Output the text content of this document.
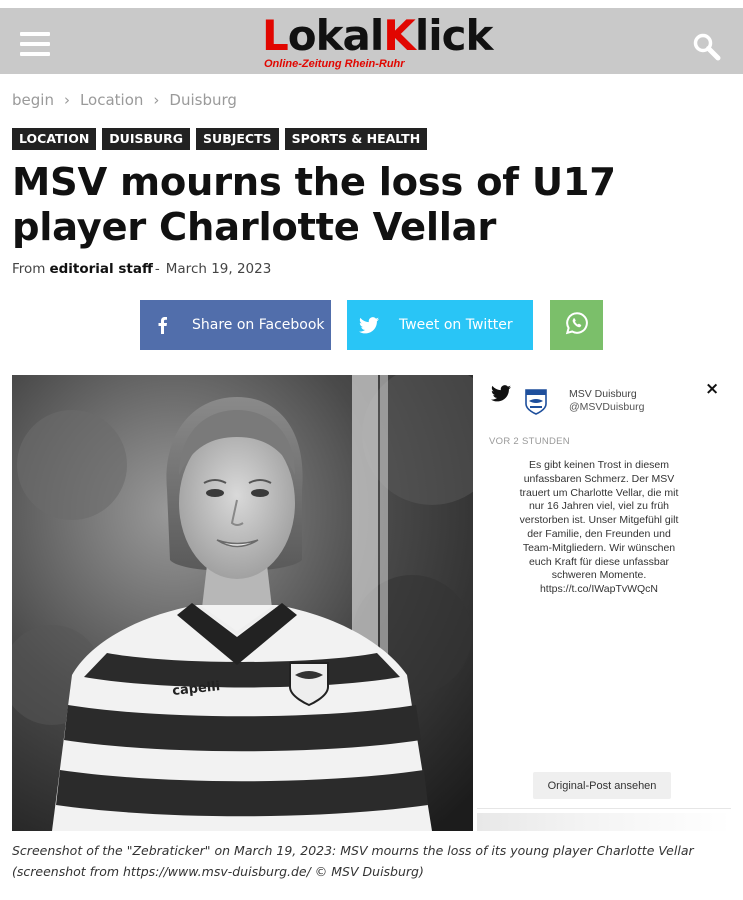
LokalKlick
Online-Zeitung Rhein-Ruhr
begin › Location › Duisburg
LOCATION	DUISBURG	SUBJECTS	SPORTS & HEALTH
MSV mourns the loss of U17 player Charlotte Vellar
From editorial staff - March 19, 2023
Share on Facebook	Tweet on Twitter
capelli
MSV Duisburg
@MSVDuisburg
×
VOR 2 STUNDEN

Es gibt keinen Trost in diesem unfassbaren Schmerz. Der MSV trauert um Charlotte Vellar, die mit nur 16 Jahren viel, viel zu früh verstorben ist. Unser Mitgefühl gilt der Familie, den Freunden und Team-Mitgliedern. Wir wünschen euch Kraft für diese unfassbar schweren Momente. https://t.co/IWapTvWQcN

Original-Post ansehen

Screenshot of the "Zebraticker" on March 19, 2023: MSV mourns the loss of its young player Charlotte Vellar (screenshot from https://www.msv-duisburg.de/ © MSV Duisburg)
